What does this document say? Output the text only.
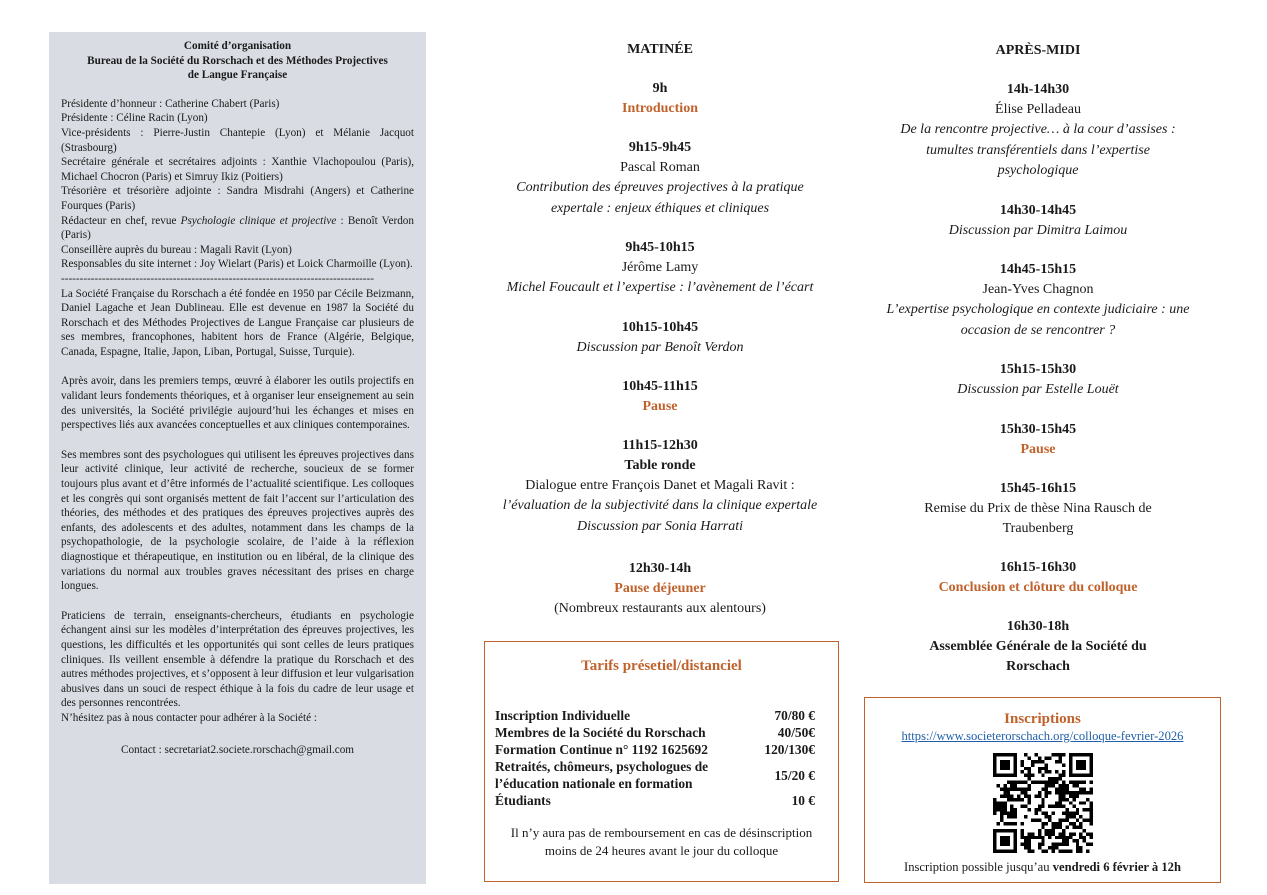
Comité d’organisation
Bureau de la Société du Rorschach et des Méthodes Projectives
de Langue Française

Présidente d’honneur : Catherine Chabert (Paris)

Présidente : Céline Racin (Lyon)

Vice-présidents : Pierre-Justin Chantepie (Lyon) et Mélanie Jacquot (Strasbourg)

Secrétaire générale et secrétaires adjoints : Xanthie Vlachopoulou (Paris), Michael Chocron (Paris) et Simruy Ikiz (Poitiers)

Trésorière et trésorière adjointe : Sandra Misdrahi (Angers) et Catherine Fourques (Paris)

Rédacteur en chef, revue Psychologie clinique et projective : Benoît Verdon (Paris)

Conseillère auprès du bureau : Magali Ravit (Lyon)

Responsables du site internet : Joy Wielart (Paris) et Loick Charmoille (Lyon).

------------------------------------------------------------------------------------

La Société Française du Rorschach a été fondée en 1950 par Cécile Beizmann, Daniel Lagache et Jean Dublineau. Elle est devenue en 1987 la Société du Rorschach et des Méthodes Projectives de Langue Française car plusieurs de ses membres, francophones, habitent hors de France (Algérie, Belgique, Canada, Espagne, Italie, Japon, Liban, Portugal, Suisse, Turquie).

Après avoir, dans les premiers temps, œuvré à élaborer les outils projectifs en validant leurs fondements théoriques, et à organiser leur enseignement au sein des universités, la Société privilégie aujourd’hui les échanges et mises en perspectives liés aux avancées conceptuelles et aux cliniques contemporaines.

Ses membres sont des psychologues qui utilisent les épreuves projectives dans leur activité clinique, leur activité de recherche, soucieux de se former toujours plus avant et d’être informés de l’actualité scientifique. Les colloques et les congrès qui sont organisés mettent de fait l’accent sur l’articulation des théories, des méthodes et des pratiques des épreuves projectives auprès des enfants, des adolescents et des adultes, notamment dans les champs de la psychopathologie, de la psychologie scolaire, de l’aide à la réflexion diagnostique et thérapeutique, en institution ou en libéral, de la clinique des variations du normal aux troubles graves nécessitant des prises en charge longues.

Praticiens de terrain, enseignants-chercheurs, étudiants en psychologie échangent ainsi sur les modèles d’interprétation des épreuves projectives, les questions, les difficultés et les opportunités qui sont celles de leurs pratiques cliniques. Ils veillent ensemble à défendre la pratique du Rorschach et des autres méthodes projectives, et s’opposent à leur diffusion et leur vulgarisation abusives dans un souci de respect éthique à la fois du cadre de leur usage et des personnes rencontrées.

N’hésitez pas à nous contacter pour adhérer à la Société :

Contact : secretariat2.societe.rorschach@gmail.com
MATINÉE
9h
Introduction
9h15-9h45
Pascal Roman
Contribution des épreuves projectives à la pratique
expertale : enjeux éthiques et cliniques
9h45-10h15
Jérôme Lamy
Michel Foucault et l’expertise : l’avènement de l’écart
10h15-10h45
Discussion par Benoît Verdon
10h45-11h15
Pause
11h15-12h30
Table ronde
Dialogue entre François Danet et Magali Ravit :
l’évaluation de la subjectivité dans la clinique expertale
Discussion par Sonia Harrati
12h30-14h
Pause déjeuner
(Nombreux restaurants aux alentours)
APRÈS-MIDI
14h-14h30
Élise Pelladeau
De la rencontre projective… à la cour d’assises :
tumultes transférentiels dans l’expertise
psychologique
14h30-14h45
Discussion par Dimitra Laimou
14h45-15h15
Jean-Yves Chagnon
L’expertise psychologique en contexte judiciaire : une
occasion de se rencontrer ?
15h15-15h30
Discussion par Estelle Louët
15h30-15h45
Pause
15h45-16h15
Remise du Prix de thèse Nina Rausch de
Traubenberg
16h15-16h30
Conclusion et clôture du colloque
16h30-18h
Assemblée Générale de la Société du
Rorschach
Tarifs présetiel/distanciel
Inscription Individuelle	70/80 €
Membres de la Société du Rorschach	40/50€
Formation Continue n° 1192 1625692	120/130€
Retraités, chômeurs, psychologues de l’éducation nationale en formation	15/20 €
Étudiants	10 €
Il n’y aura pas de remboursement en cas de désinscription moins de 24 heures avant le jour du colloque
Inscriptions
https://www.societerorschach.org/colloque-fevrier-2026
Inscription possible jusqu’au vendredi 6 février à 12h
